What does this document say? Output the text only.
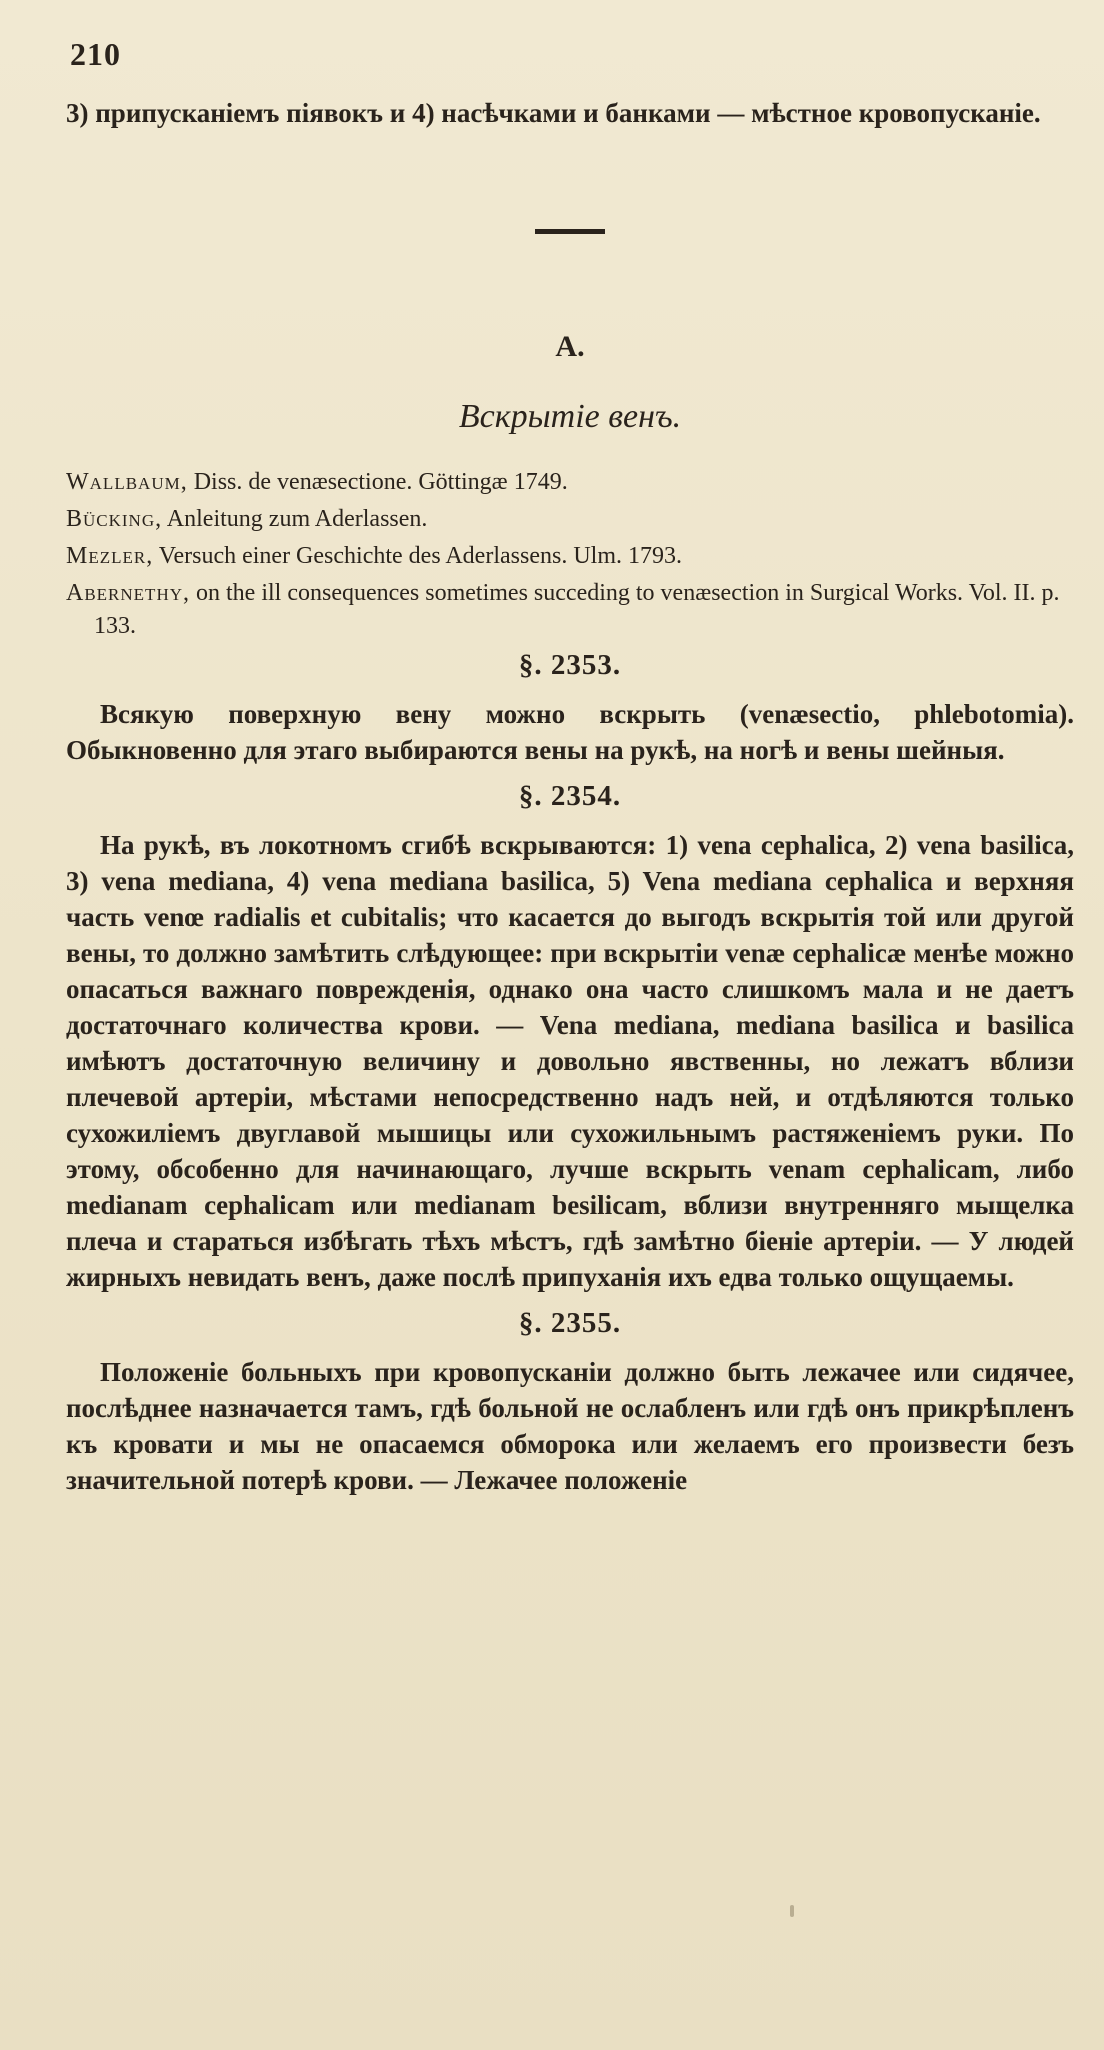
210

3) припусканіемъ піявокъ и 4) насѣчками и банками — мѣстное кровопусканіе.

A.
Вскрытіе венъ.
Wallbaum, Diss. de venæsectione. Göttingæ 1749.
Bücking, Anleitung zum Aderlassen.
Mezler, Versuch einer Geschichte des Aderlassens. Ulm. 1793.
Abernethy, on the ill consequences sometimes succeding to venæsection in Surgical Works. Vol. II. p. 133.
§. 2353.

Всякую поверхную вену можно вскрыть (venæsectio, phlebotomia). Обыкновенно для этаго выбираются вены на рукѣ, на ногѣ и вены шейныя.

§. 2354.

На рукѣ, въ локотномъ сгибѣ вскрываются: 1) vena cephalica, 2) vena basilica, 3) vena mediana, 4) vena mediana basilica, 5) Vena mediana cephalica и верхняя часть venœ radialis et cubitalis; что касается до выгодъ вскрытія той или другой вены, то должно замѣтить слѣдующее: при вскрытіи venæ cephalicæ менѣе можно опасаться важнаго поврежденія, однако она часто слишкомъ мала и не даетъ достаточнаго количества крови. — Vena mediana, mediana basilica и basilica имѣютъ достаточную величину и довольно явственны, но лежатъ вблизи плечевой артеріи, мѣстами непосредственно надъ ней, и отдѣляются только сухожиліемъ двуглавой мышицы или сухожильнымъ растяженіемъ руки. По этому, обсобенно для начинающаго, лучше вскрыть venam cephalicam, либо medianam cephalicam или medianam besilicam, вблизи внутренняго мыщелка плеча и стараться избѣгать тѣхъ мѣстъ, гдѣ замѣтно біеніе артеріи. — У людей жирныхъ невидать венъ, даже послѣ припуханія ихъ едва только ощущаемы.

§. 2355.

Положеніе больныхъ при кровопусканіи должно быть лежачее или сидячее, послѣднее назначается тамъ, гдѣ больной не ослабленъ или гдѣ онъ прикрѣпленъ къ кровати и мы не опасаемся обморока или желаемъ его произвести безъ значительной потерѣ крови. — Лежачее положеніе
